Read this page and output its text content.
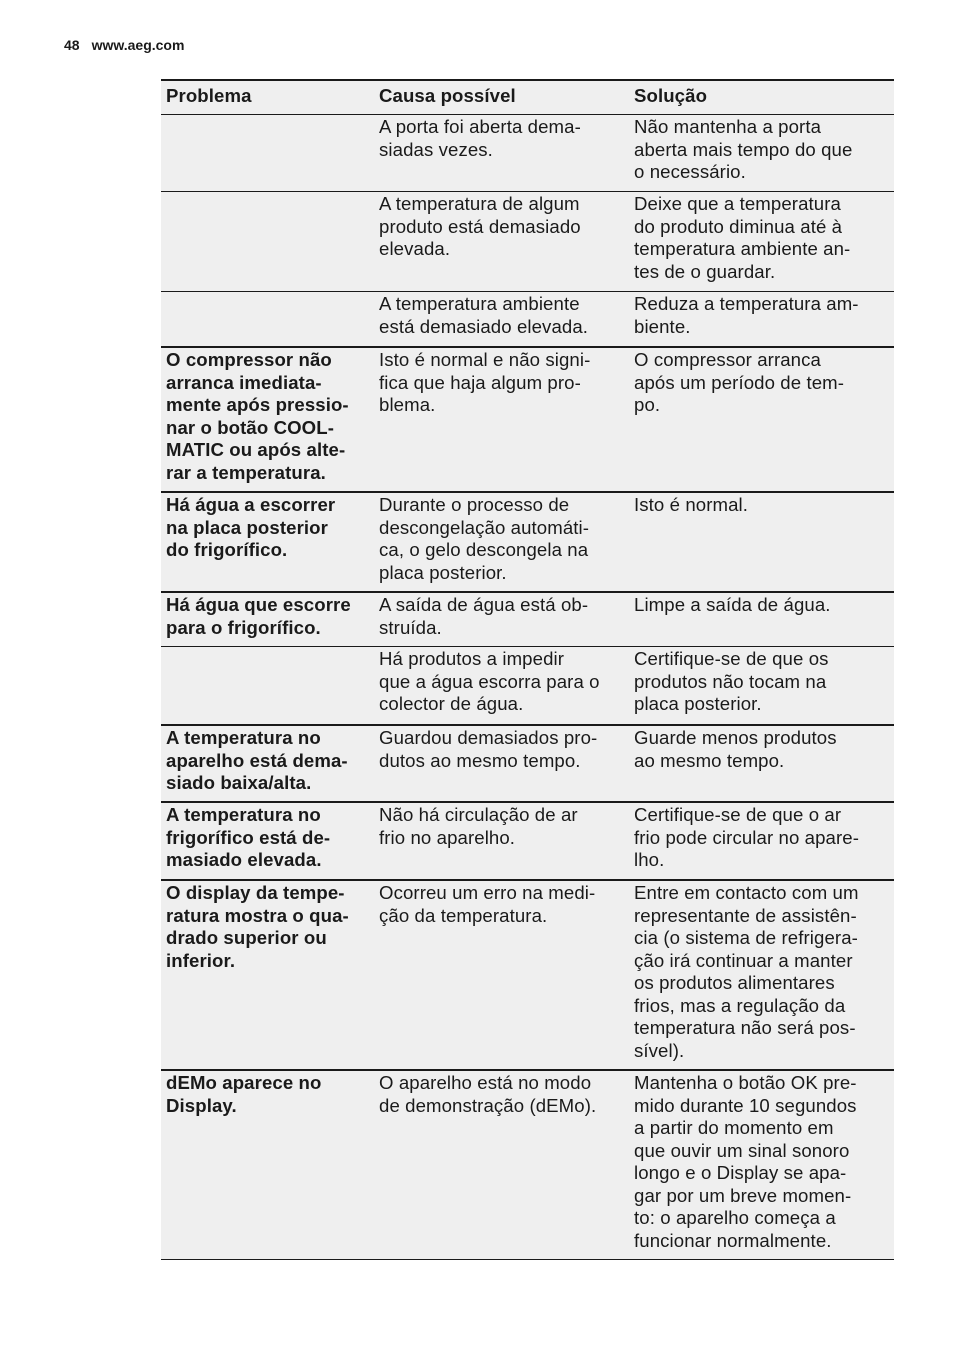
48 www.aeg.com
Problema	Causa possível	Solução
A porta foi aberta dema-
siadas vezes.
Não mantenha a porta
aberta mais tempo do que
o necessário.
A temperatura de algum
produto está demasiado
elevada.
Deixe que a temperatura
do produto diminua até à
temperatura ambiente an-
tes de o guardar.
A temperatura ambiente
está demasiado elevada.
Reduza a temperatura am-
biente.
O compressor não
arranca imediata-
mente após pressio-
nar o botão COOL-
MATIC ou após alte-
rar a temperatura.
Isto é normal e não signi-
fica que haja algum pro-
blema.
O compressor arranca
após um período de tem-
po.
Há água a escorrer
na placa posterior
do frigorífico.
Durante o processo de
descongelação automáti-
ca, o gelo descongela na
placa posterior.
Isto é normal.
Há água que escorre
para o frigorífico.
A saída de água está ob-
struída.
Limpe a saída de água.
Há produtos a impedir
que a água escorra para o
colector de água.
Certifique-se de que os
produtos não tocam na
placa posterior.
A temperatura no
aparelho está dema-
siado baixa/alta.
Guardou demasiados pro-
dutos ao mesmo tempo.
Guarde menos produtos
ao mesmo tempo.
A temperatura no
frigorífico está de-
masiado elevada.
Não há circulação de ar
frio no aparelho.
Certifique-se de que o ar
frio pode circular no apare-
lho.
O display da tempe-
ratura mostra o qua-
drado superior ou
inferior.
Ocorreu um erro na medi-
ção da temperatura.
Entre em contacto com um
representante de assistên-
cia (o sistema de refrigera-
ção irá continuar a manter
os produtos alimentares
frios, mas a regulação da
temperatura não será pos-
sível).
dEMo aparece no
Display.
O aparelho está no modo
de demonstração (dEMo).
Mantenha o botão OK pre-
mido durante 10 segundos
a partir do momento em
que ouvir um sinal sonoro
longo e o Display se apa-
gar por um breve momen-
to: o aparelho começa a
funcionar normalmente.
